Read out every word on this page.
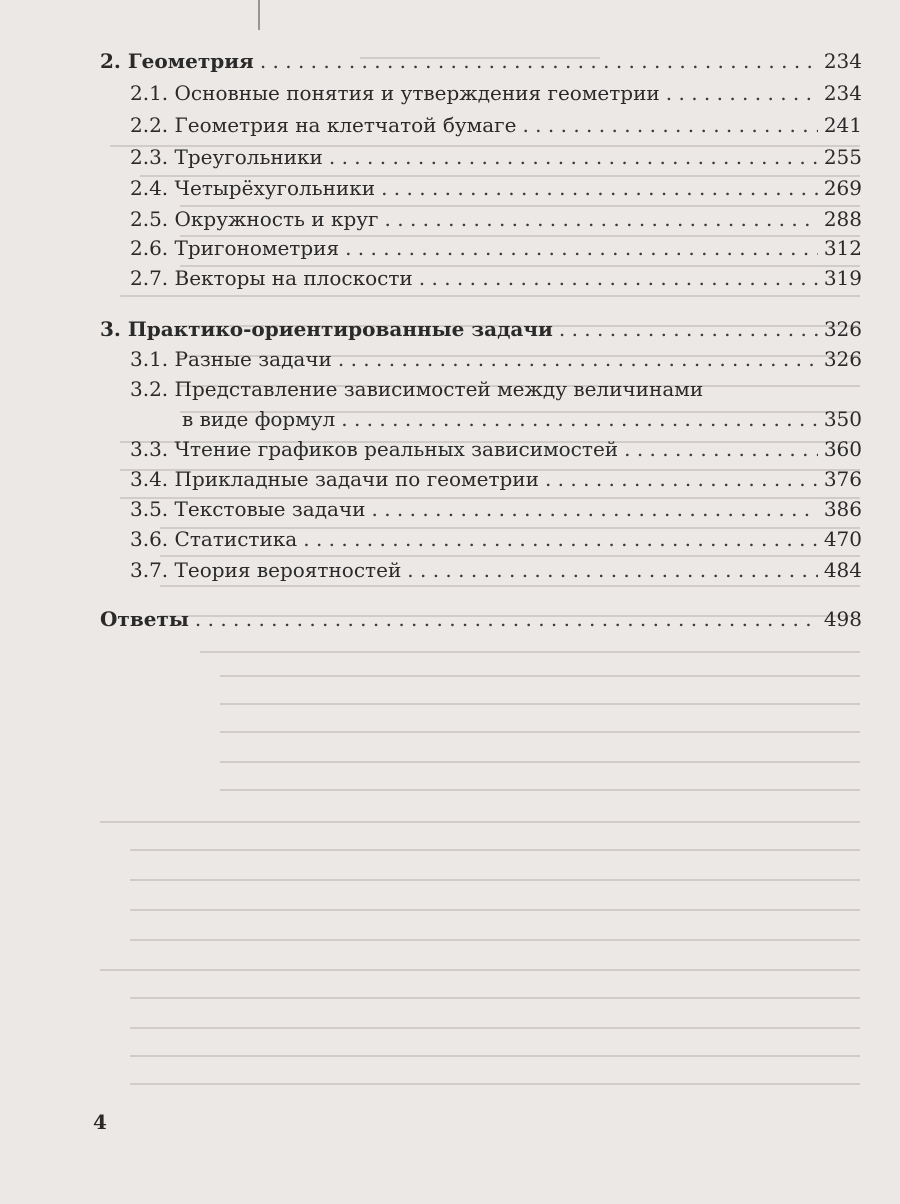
2. Геометрия . . .	234
2.1. Основные понятия и утверждения геометрии . . .	234
2.2. Геометрия на клетчатой бумаге . . .	241
2.3. Треугольники . . .	255
2.4. Четырёхугольники . . .	269
2.5. Окружность и круг . . .	288
2.6. Тригонометрия . . .	312
2.7. Векторы на плоскости . . .	319
3. Практико-ориентированные задачи . . .	326
3.1. Разные задачи . . .	326
3.2. Представление зависимостей между величинами
в виде формул . . .	350
3.3. Чтение графиков реальных зависимостей . . .	360
3.4. Прикладные задачи по геометрии . . .	376
3.5. Текстовые задачи . . .	386
3.6. Статистика . . .	470
3.7. Теория вероятностей . . .	484
Ответы . . .	498
4
